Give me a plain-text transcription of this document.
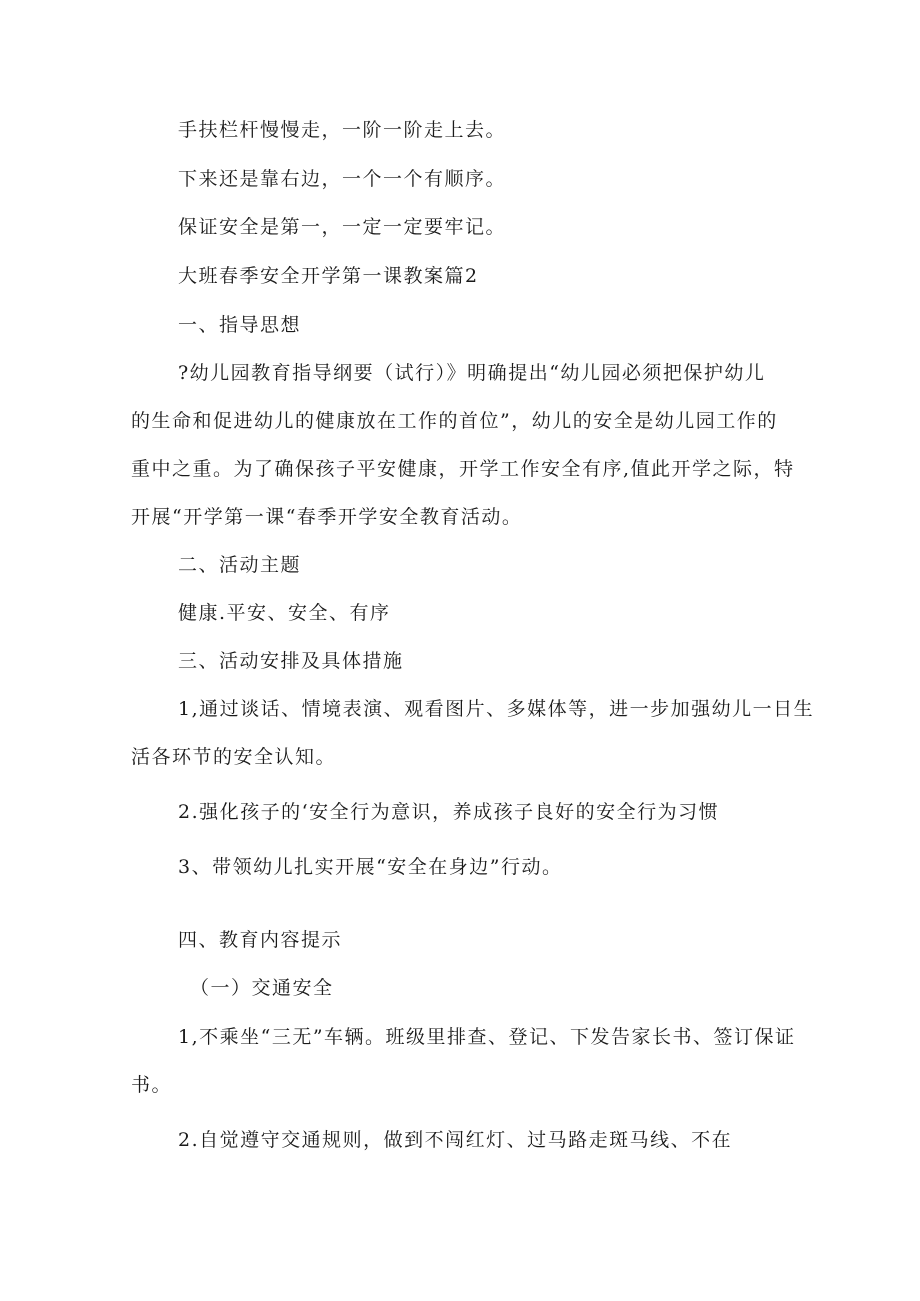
手扶栏杆慢慢走，一阶一阶走上去。
下来还是靠右边，一个一个有顺序。
保证安全是第一，一定一定要牢记。
大班春季安全开学第一课教案篇2
一、指导思想
?幼儿园教育指导纲要（试行）》明确提出“幼儿园必须把保护幼儿
的生命和促进幼儿的健康放在工作的首位”，幼儿的安全是幼儿园工作的
重中之重。为了确保孩子平安健康，开学工作安全有序,值此开学之际，特
开展“开学第一课“春季开学安全教育活动。
二、活动主题
健康.平安、安全、有序
三、活动安排及具体措施
1,通过谈话、情境表演、观看图片、多媒体等，进一步加强幼儿一日生
活各环节的安全认知。
2.强化孩子的‘安全行为意识，养成孩子良好的安全行为习惯
3、带领幼儿扎实开展“安全在身边”行动。
四、教育内容提示
（一）交通安全
1,不乘坐“三无”车辆。班级里排查、登记、下发告家长书、签订保证
书。
2.自觉遵守交通规则，做到不闯红灯、过马路走斑马线、不在
